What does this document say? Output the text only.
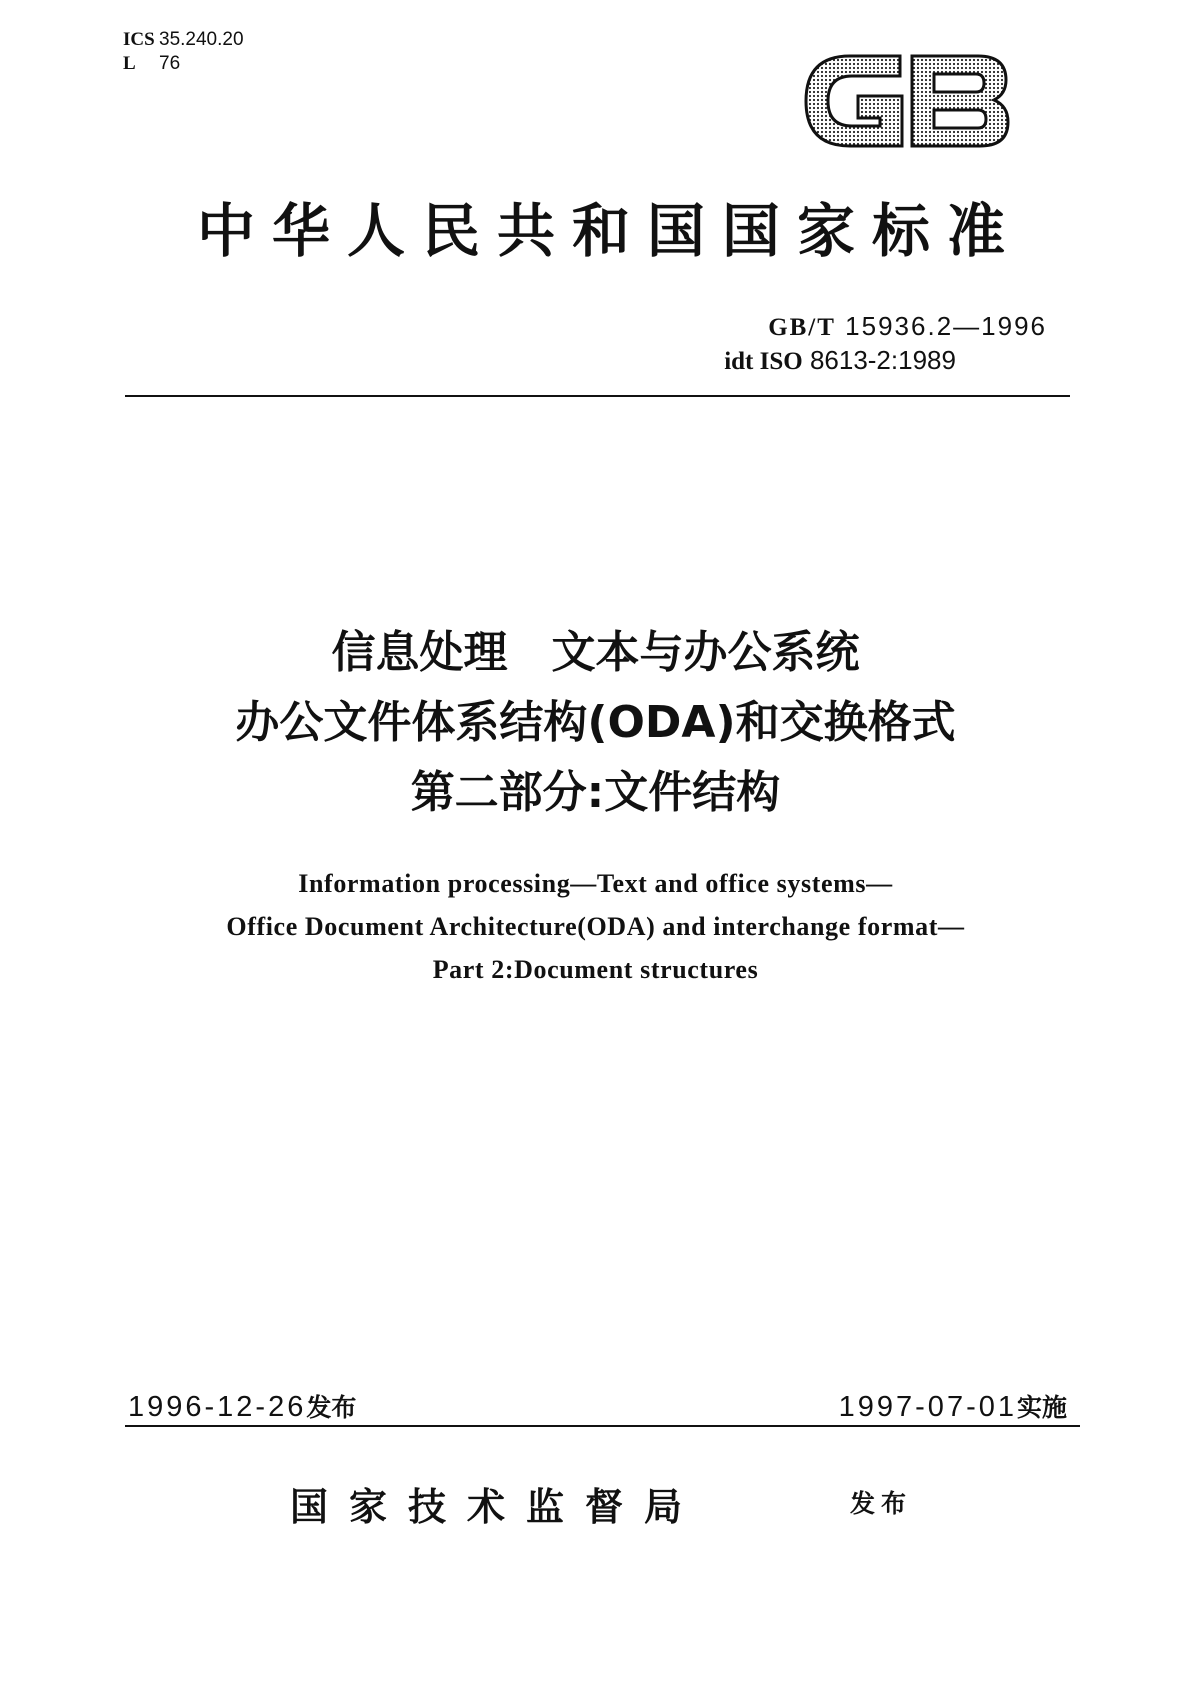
ICS 35.240.20
L 76
中华人民共和国国家标准
GB/T 15936.2—1996
idt ISO 8613-2:1989
信息处理　文本与办公系统
办公文件体系结构(ODA)和交换格式
第二部分:文件结构
Information processing—Text and office systems—
Office Document Architecture(ODA) and interchange format—
Part 2:Document structures
1996-12-26发布	1997-07-01实施
国家技术监督局	发布
